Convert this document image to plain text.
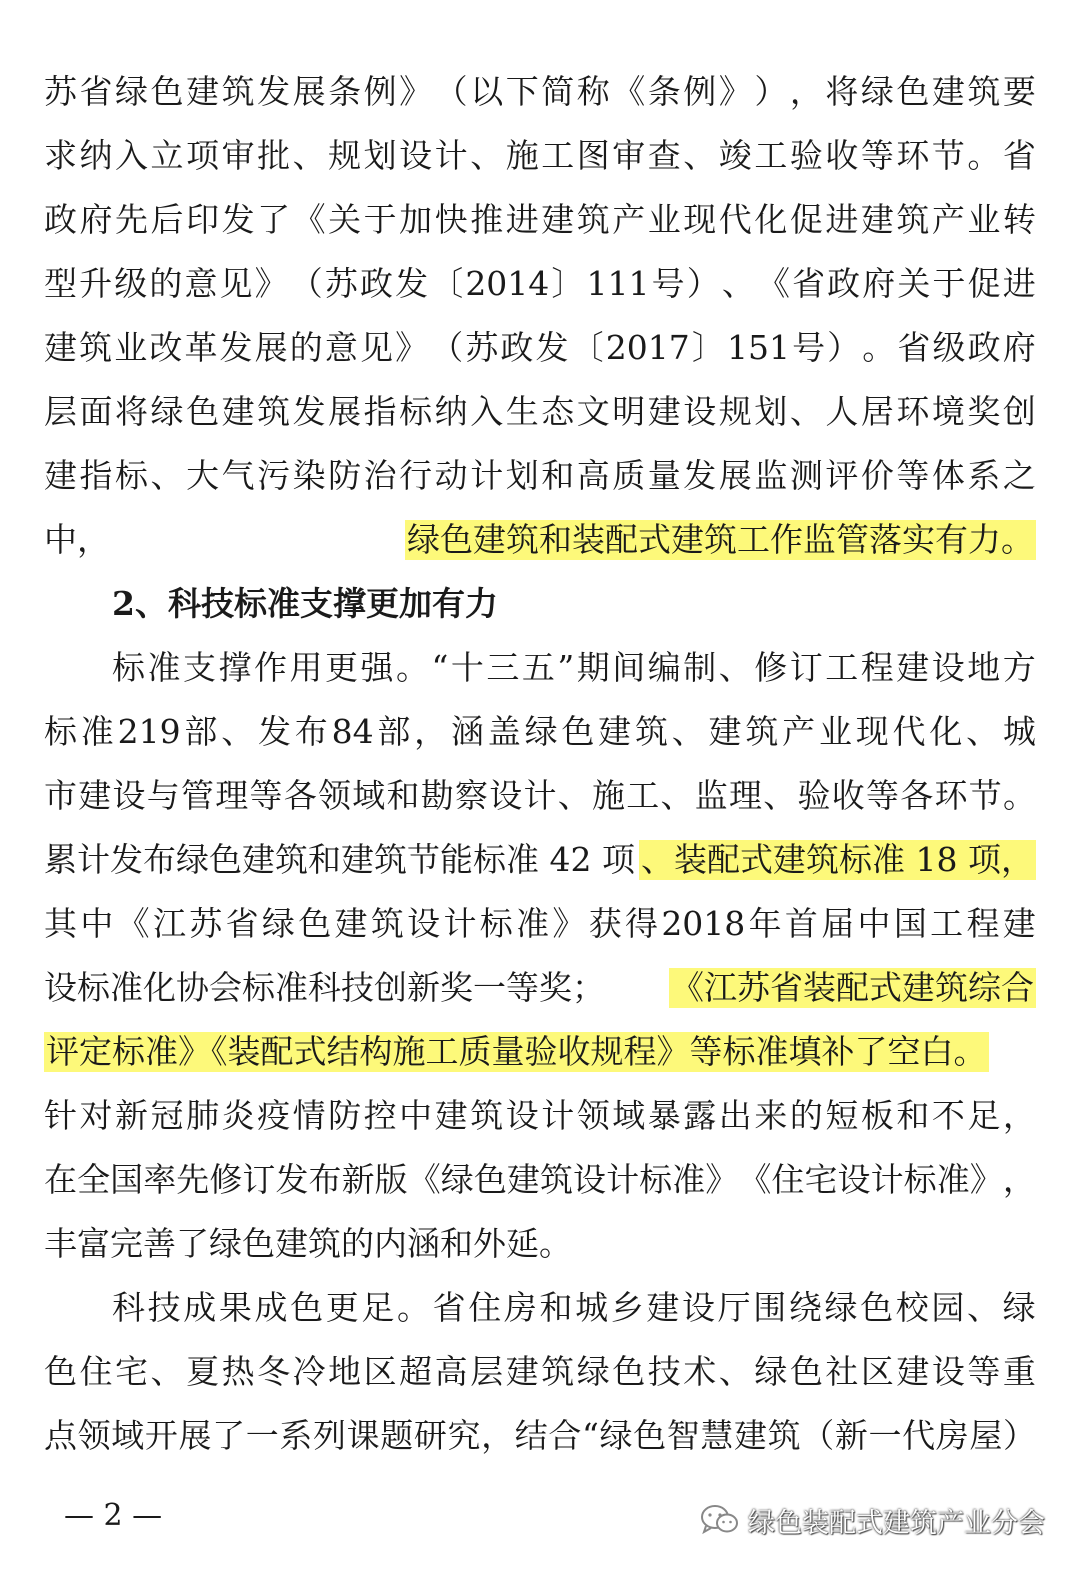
苏 省 绿 色 建 筑 发 展 条 例 》 （ 以 下 简 称 《 条 例 》 ） ， 将 绿 色 建 筑 要
求 纳 入 立 项 审 批 、 规 划 设 计 、 施 工 图 审 查 、 竣 工 验 收 等 环 节 。 省
政 府 先 后 印 发 了 《 关 于 加 快 推 进 建 筑 产 业 现 代 化 促 进 建 筑 产 业 转
型 升 级 的 意 见 》 （ 苏 政 发 〔 2014 〕 111 号 ） 、 《 省 政 府 关 于 促 进
建 筑 业 改 革 发 展 的 意 见 》 （ 苏 政 发 〔 2017 〕 151 号 ） 。 省 级 政 府
层 面 将 绿 色 建 筑 发 展 指 标 纳 入 生 态 文 明 建 设 规 划 、 人 居 环 境 奖 创
建 指 标 、 大 气 污 染 防 治 行 动 计 划 和 高 质 量 发 展 监 测 评 价 等 体 系 之
中，	绿色建筑和装配式建筑工作监管落实有力。
2、科技标准支撑更加有力
标 准 支 撑 作 用 更 强 。 “ 十 三 五 ” 期 间 编 制 、 修 订 工 程 建 设 地 方
标 准 219 部 、 发 布 84 部 ， 涵 盖 绿 色 建 筑 、 建 筑 产 业 现 代 化 、 城
市 建 设 与 管 理 等 各 领 域 和 勘 察 设 计 、 施 工 、 监 理 、 验 收 等 各 环 节 。
累计发布绿色建筑和建筑节能标准 42 项 、装配式建筑标准 18 项，
其 中 《 江 苏 省 绿 色 建 筑 设 计 标 准 》 获 得 2018 年 首 届 中 国 工 程 建
设标准化协会标准科技创新奖一等奖； 《江苏省装配式建筑综合
评定标准》《装配式结构施工质量验收规程》等标准填补了空白。
针 对 新 冠 肺 炎 疫 情 防 控 中 建 筑 设 计 领 域 暴 露 出 来 的 短 板 和 不 足 ，
在 全 国 率 先 修 订 发 布 新 版 《 绿 色 建 筑 设 计 标 准 》 《 住 宅 设 计 标 准 》 ，
丰富完善了绿色建筑的内涵和外延。
科 技 成 果 成 色 更 足 。 省 住 房 和 城 乡 建 设 厅 围 绕 绿 色 校 园 、 绿
色 住 宅 、 夏 热 冬 冷 地 区 超 高 层 建 筑 绿 色 技 术 、 绿 色 社 区 建 设 等 重
点 领 域 开 展 了 一 系 列 课 题 研 究 ， 结 合 “ 绿 色 智 慧 建 筑 （ 新 一 代 房 屋 ）
— 2 —	绿色装配式建筑产业分会
